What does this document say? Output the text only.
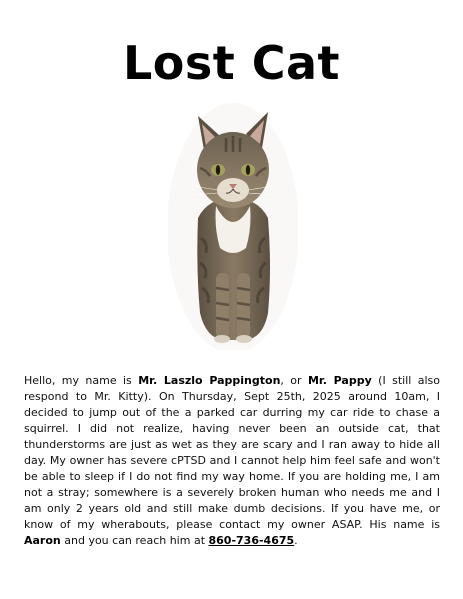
Lost Cat
Hello, my name is Mr. Laszlo Pappington, or Mr. Pappy (I still also respond to Mr. Kitty). On Thursday, Sept 25th, 2025 around 10am, I decided to jump out of the a parked car durring my car ride to chase a squirrel. I did not realize, having never been an outside cat, that thunderstorms are just as wet as they are scary and I ran away to hide all day. My owner has severe cPTSD and I cannot help him feel safe and won't be able to sleep if I do not find my way home. If you are holding me, I am not a stray; somewhere is a severely broken human who needs me and I am only 2 years old and still make dumb decisions. If you have me, or know of my wherabouts, please contact my owner ASAP. His name is Aaron and you can reach him at 860-736-4675.
